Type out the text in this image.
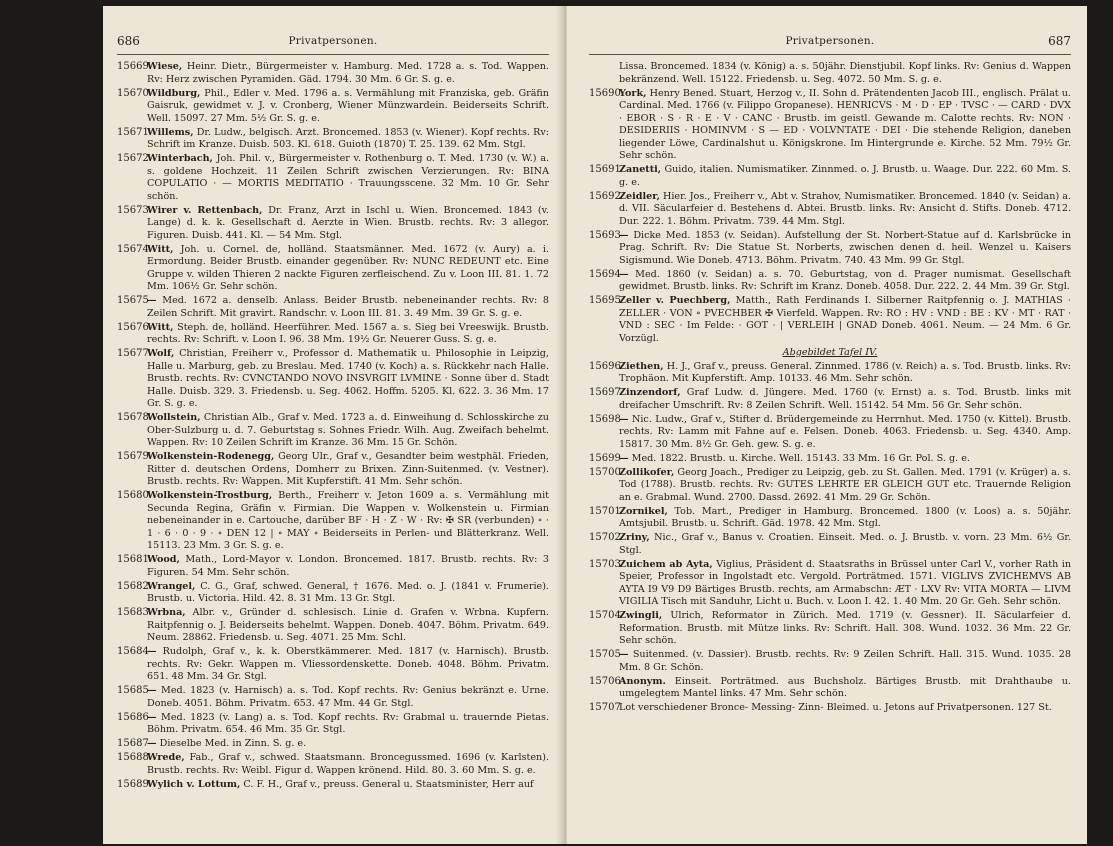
686	Privatpersonen.
15669
Wiese, Heinr. Dietr., Bürgermeister v. Hamburg. Med. 1728 a. s. Tod. Wappen. Rv: Herz zwischen Pyramiden. Gäd. 1794. 30 Mm. 6 Gr. S. g. e.
15670
Wildburg, Phil., Edler v. Med. 1796 a. s. Vermählung mit Franziska, geb. Gräfin Gaisruk, gewidmet v. J. v. Cronberg, Wiener Münzwardein. Beiderseits Schrift. Well. 15097. 27 Mm. 5½ Gr. S. g. e.
15671
Willems, Dr. Ludw., belgisch. Arzt. Broncemed. 1853 (v. Wiener). Kopf rechts. Rv: Schrift im Kranze. Duisb. 503. Kl. 618. Guioth (1870) T. 25. 139. 62 Mm. Stgl.
15672
Winterbach, Joh. Phil. v., Bürgermeister v. Rothenburg o. T. Med. 1730 (v. W.) a. s. goldene Hochzeit. 11 Zeilen Schrift zwischen Verzierungen. Rv: BINA COPULATIO · — MORTIS MEDITATIO · Trauungsscene. 32 Mm. 10 Gr. Sehr schön.
15673
Wirer v. Rettenbach, Dr. Franz, Arzt in Ischl u. Wien. Broncemed. 1843 (v. Lange) d. k. k. Gesellschaft d. Aerzte in Wien. Brustb. rechts. Rv: 3 allegor. Figuren. Duisb. 441. Kl. — 54 Mm. Stgl.
15674
Witt, Joh. u. Cornel. de, holländ. Staatsmänner. Med. 1672 (v. Aury) a. i. Ermordung. Beider Brustb. einander gegenüber. Rv: NUNC REDEUNT etc. Eine Gruppe v. wilden Thieren 2 nackte Figuren zerfleischend. Zu v. Loon III. 81. 1. 72 Mm. 106½ Gr. Sehr schön.
15675
— Med. 1672 a. denselb. Anlass. Beider Brustb. nebeneinander rechts. Rv: 8 Zeilen Schrift. Mit gravirt. Randschr. v. Loon III. 81. 3. 49 Mm. 39 Gr. S. g. e.
15676
Witt, Steph. de, holländ. Heerführer. Med. 1567 a. s. Sieg bei Vreeswijk. Brustb. rechts. Rv: Schrift. v. Loon I. 96. 38 Mm. 19½ Gr. Neuerer Guss. S. g. e.
15677
Wolf, Christian, Freiherr v., Professor d. Mathematik u. Philosophie in Leipzig, Halle u. Marburg, geb. zu Breslau. Med. 1740 (v. Koch) a. s. Rückkehr nach Halle. Brustb. rechts. Rv: CVNCTANDO NOVO INSVRGIT LVMINE · Sonne über d. Stadt Halle. Duisb. 329. 3. Friedensb. u. Seg. 4062. Hoffm. 5205. Kl. 622. 3. 36 Mm. 17 Gr. S. g. e.
15678
Wollstein, Christian Alb., Graf v. Med. 1723 a. d. Einweihung d. Schlosskirche zu Ober-Sulzburg u. d. 7. Geburtstag s. Sohnes Friedr. Wilh. Aug. Zweifach behelmt. Wappen. Rv: 10 Zeilen Schrift im Kranze. 36 Mm. 15 Gr. Schön.
15679
Wolkenstein-Rodenegg, Georg Ulr., Graf v., Gesandter beim westphäl. Frieden, Ritter d. deutschen Ordens, Domherr zu Brixen. Zinn-Suitenmed. (v. Vestner). Brustb. rechts. Rv: Wappen. Mit Kupferstift. 41 Mm. Sehr schön.
15680
Wolkenstein-Trostburg, Berth., Freiherr v. Jeton 1609 a. s. Vermählung mit Secunda Regina, Gräfin v. Firmian. Die Wappen v. Wolkenstein u. Firmian nebeneinander in e. Cartouche, darüber BF · H · Z · W · Rv: ✠ SR (verbunden) ∘ · 1 · 6 · 0 · 9 · ∘ DEN 12 | ∘ MAY ∘ Beiderseits in Perlen- und Blätterkranz. Well. 15113. 23 Mm. 3 Gr. S. g. e.
15681
Wood, Math., Lord-Mayor v. London. Broncemed. 1817. Brustb. rechts. Rv: 3 Figuren. 54 Mm. Sehr schön.
15682
Wrangel, C. G., Graf, schwed. General, † 1676. Med. o. J. (1841 v. Frumerie). Brustb. u. Victoria. Hild. 42. 8. 31 Mm. 13 Gr. Stgl.
15683
Wrbna, Albr. v., Gründer d. schlesisch. Linie d. Grafen v. Wrbna. Kupfern. Raitpfennig o. J. Beiderseits behelmt. Wappen. Doneb. 4047. Böhm. Privatm. 649. Neum. 28862. Friedensb. u. Seg. 4071. 25 Mm. Schl.
15684
— Rudolph, Graf v., k. k. Oberstkämmerer. Med. 1817 (v. Harnisch). Brustb. rechts. Rv: Gekr. Wappen m. Vliessordenskette. Doneb. 4048. Böhm. Privatm. 651. 48 Mm. 34 Gr. Stgl.
15685
— Med. 1823 (v. Harnisch) a. s. Tod. Kopf rechts. Rv: Genius bekränzt e. Urne. Doneb. 4051. Böhm. Privatm. 653. 47 Mm. 44 Gr. Stgl.
15686
— Med. 1823 (v. Lang) a. s. Tod. Kopf rechts. Rv: Grabmal u. trauernde Pietas. Böhm. Privatm. 654. 46 Mm. 35 Gr. Stgl.
15687
— Dieselbe Med. in Zinn. S. g. e.
15688
Wrede, Fab., Graf v., schwed. Staatsmann. Broncegussmed. 1696 (v. Karlsten). Brustb. rechts. Rv: Weibl. Figur d. Wappen krönend. Hild. 80. 3. 60 Mm. S. g. e.
15689
Wylich v. Lottum, C. F. H., Graf v., preuss. General u. Staatsminister, Herr auf
687
Privatpersonen.
Lissa. Broncemed. 1834 (v. König) a. s. 50jähr. Dienstjubil. Kopf links. Rv: Genius d. Wappen bekränzend. Well. 15122. Friedensb. u. Seg. 4072. 50 Mm. S. g. e.
15690
York, Henry Bened. Stuart, Herzog v., II. Sohn d. Prätendenten Jacob III., englisch. Prälat u. Cardinal. Med. 1766 (v. Filippo Gropanese). HENRICVS · M · D · EP · TVSC · — CARD · DVX · EBOR · S · R · E · V · CANC · Brustb. im geistl. Gewande m. Calotte rechts. Rv: NON · DESIDERIIS · HOMINVM · S — ED · VOLVNTATE · DEI · Die stehende Religion, daneben liegender Löwe, Cardinalshut u. Königskrone. Im Hintergrunde e. Kirche. 52 Mm. 79½ Gr. Sehr schön.
15691
Zanetti, Guido, italien. Numismatiker. Zinnmed. o. J. Brustb. u. Waage. Dur. 222. 60 Mm. S. g. e.
15692
Zeidler, Hier. Jos., Freiherr v., Abt v. Strahov, Numismatiker. Broncemed. 1840 (v. Seidan) a. d. VII. Säcularfeier d. Bestehens d. Abtei. Brustb. links. Rv: Ansicht d. Stifts. Doneb. 4712. Dur. 222. 1. Böhm. Privatm. 739. 44 Mm. Stgl.
15693
— Dicke Med. 1853 (v. Seidan). Aufstellung der St. Norbert-Statue auf d. Karlsbrücke in Prag. Schrift. Rv: Die Statue St. Norberts, zwischen denen d. heil. Wenzel u. Kaisers Sigismund. Wie Doneb. 4713. Böhm. Privatm. 740. 43 Mm. 99 Gr. Stgl.
15694
— Med. 1860 (v. Seidan) a. s. 70. Geburtstag, von d. Prager numismat. Gesellschaft gewidmet. Brustb. links. Rv: Schrift im Kranz. Doneb. 4058. Dur. 222. 2. 44 Mm. 39 Gr. Stgl.
15695
Zeller v. Puechberg, Matth., Rath Ferdinands I. Silberner Raitpfennig o. J. MATHIAS · ZELLER · VON ∘ PVECHBER ✠ Vierfeld. Wappen. Rv: RO : HV : VND : BE : KV · MT · RAT · VND : SEC · Im Felde: · GOT · | VERLEIH | GNAD Doneb. 4061. Neum. — 24 Mm. 6 Gr. Vorzügl.
Abgebildet Tafel IV.
15696
Ziethen, H. J., Graf v., preuss. General. Zinnmed. 1786 (v. Reich) a. s. Tod. Brustb. links. Rv: Trophäon. Mit Kupferstift. Amp. 10133. 46 Mm. Sehr schön.
15697
Zinzendorf, Graf Ludw. d. Jüngere. Med. 1760 (v. Ernst) a. s. Tod. Brustb. links mit dreifacher Umschrift. Rv: 8 Zeilen Schrift. Well. 15142. 54 Mm. 56 Gr. Sehr schön.
15698
— Nic. Ludw., Graf v., Stifter d. Brüdergemeinde zu Herrnhut. Med. 1750 (v. Kittel). Brustb. rechts. Rv: Lamm mit Fahne auf e. Felsen. Doneb. 4063. Friedensb. u. Seg. 4340. Amp. 15817. 30 Mm. 8½ Gr. Geh. gew. S. g. e.
15699
— Med. 1822. Brustb. u. Kirche. Well. 15143. 33 Mm. 16 Gr. Pol. S. g. e.
15700
Zollikofer, Georg Joach., Prediger zu Leipzig, geb. zu St. Gallen. Med. 1791 (v. Krüger) a. s. Tod (1788). Brustb. rechts. Rv: GUTES LEHRTE ER GLEICH GUT etc. Trauernde Religion an e. Grabmal. Wund. 2700. Dassd. 2692. 41 Mm. 29 Gr. Schön.
15701
Zornikel, Tob. Mart., Prediger in Hamburg. Broncemed. 1800 (v. Loos) a. s. 50jähr. Amtsjubil. Brustb. u. Schrift. Gäd. 1978. 42 Mm. Stgl.
15702
Zriny, Nic., Graf v., Banus v. Croatien. Einseit. Med. o. J. Brustb. v. vorn. 23 Mm. 6½ Gr. Stgl.
15703
Zuichem ab Ayta, Viglius, Präsident d. Staatsraths in Brüssel unter Carl V., vorher Rath in Speier, Professor in Ingolstadt etc. Vergold. Porträtmed. 1571. VIGLIVS ZVICHEMVS AB AYTA I9 V9 D9 Bärtiges Brustb. rechts, am Armabschn: ÆT · LXV Rv: VITA MORTA — LIVM VIGILIA Tisch mit Sanduhr, Licht u. Buch. v. Loon I. 42. 1. 40 Mm. 20 Gr. Geh. Sehr schön.
15704
Zwingli, Ulrich, Reformator in Zürich. Med. 1719 (v. Gessner). II. Säcularfeier d. Reformation. Brustb. mit Mütze links. Rv: Schrift. Hall. 308. Wund. 1032. 36 Mm. 22 Gr. Sehr schön.
15705
— Suitenmed. (v. Dassier). Brustb. rechts. Rv: 9 Zeilen Schrift. Hall. 315. Wund. 1035. 28 Mm. 8 Gr. Schön.
15706
Anonym. Einseit. Porträtmed. aus Buchsholz. Bärtiges Brustb. mit Drahthaube u. umgelegtem Mantel links. 47 Mm. Sehr schön.
15707
Lot verschiedener Bronce- Messing- Zinn- Bleimed. u. Jetons auf Privatpersonen. 127 St.
